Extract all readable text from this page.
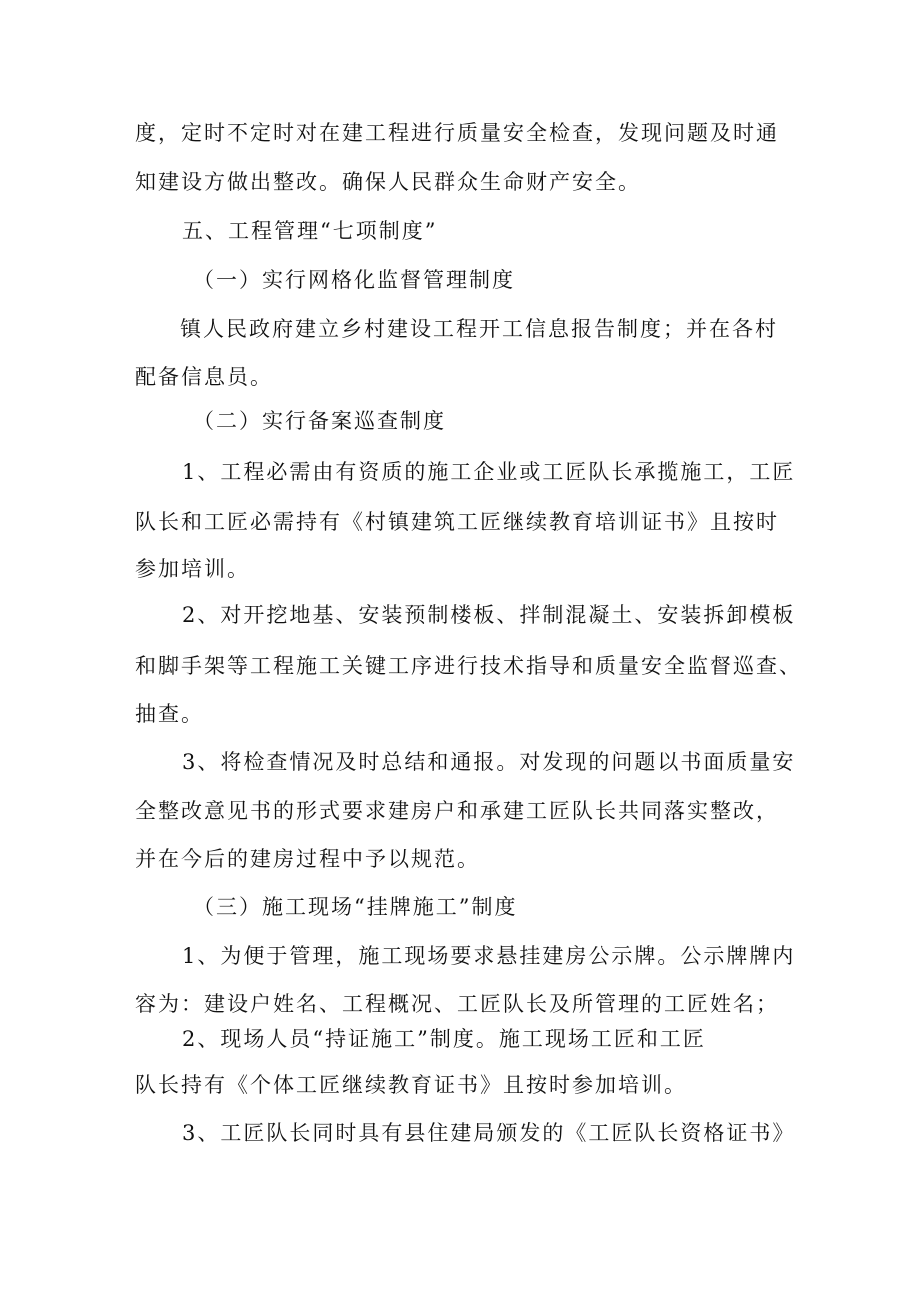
度，定时不定时对在建工程进行质量安全检查，发现问题及时通
知建设方做出整改。确保人民群众生命财产安全。
五、工程管理“七项制度”
（一）实行网格化监督管理制度
镇人民政府建立乡村建设工程开工信息报告制度；并在各村
配备信息员。
（二）实行备案巡查制度
1、工程必需由有资质的施工企业或工匠队长承揽施工，工匠
队长和工匠必需持有《村镇建筑工匠继续教育培训证书》且按时
参加培训。
2、对开挖地基、安装预制楼板、拌制混凝土、安装拆卸模板
和脚手架等工程施工关键工序进行技术指导和质量安全监督巡查、
抽查。
3、将检查情况及时总结和通报。对发现的问题以书面质量安
全整改意见书的形式要求建房户和承建工匠队长共同落实整改，
并在今后的建房过程中予以规范。
（三）施工现场“挂牌施工”制度
1、为便于管理，施工现场要求悬挂建房公示牌。公示牌牌内
容为：建设户姓名、工程概况、工匠队长及所管理的工匠姓名；
2、现场人员“持证施工”制度。施工现场工匠和工匠
队长持有《个体工匠继续教育证书》且按时参加培训。
3、工匠队长同时具有县住建局颁发的《工匠队长资格证书》
